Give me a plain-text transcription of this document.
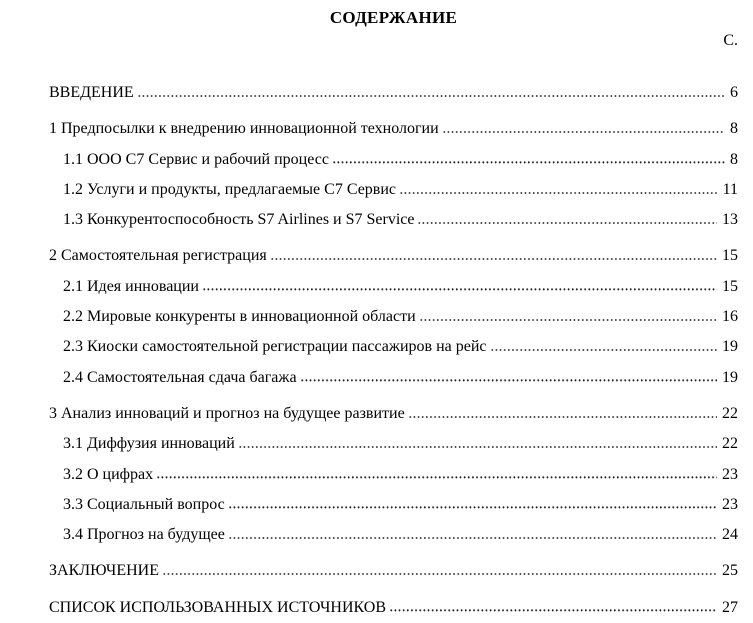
СОДЕРЖАНИЕ
С.
ВВЕДЕНИЕ	6
1 Предпосылки к внедрению инновационной технологии	8
1.1 ООО С7 Сервис и рабочий процесс	8
1.2 Услуги и продукты, предлагаемые С7 Сервис	11
1.3 Конкурентоспособность S7 Airlines и S7 Service	13
2 Самостоятельная регистрация	15
2.1 Идея инновации	15
2.2 Мировые конкуренты в инновационной области	16
2.3 Киоски самостоятельной регистрации пассажиров на рейс	19
2.4 Самостоятельная сдача багажа	19
3 Анализ инноваций и прогноз на будущее развитие	22
3.1 Диффузия инноваций	22
3.2 О цифрах	23
3.3 Социальный вопрос	23
3.4 Прогноз на будущее	24
ЗАКЛЮЧЕНИЕ	25
СПИСОК ИСПОЛЬЗОВАННЫХ ИСТОЧНИКОВ	27
